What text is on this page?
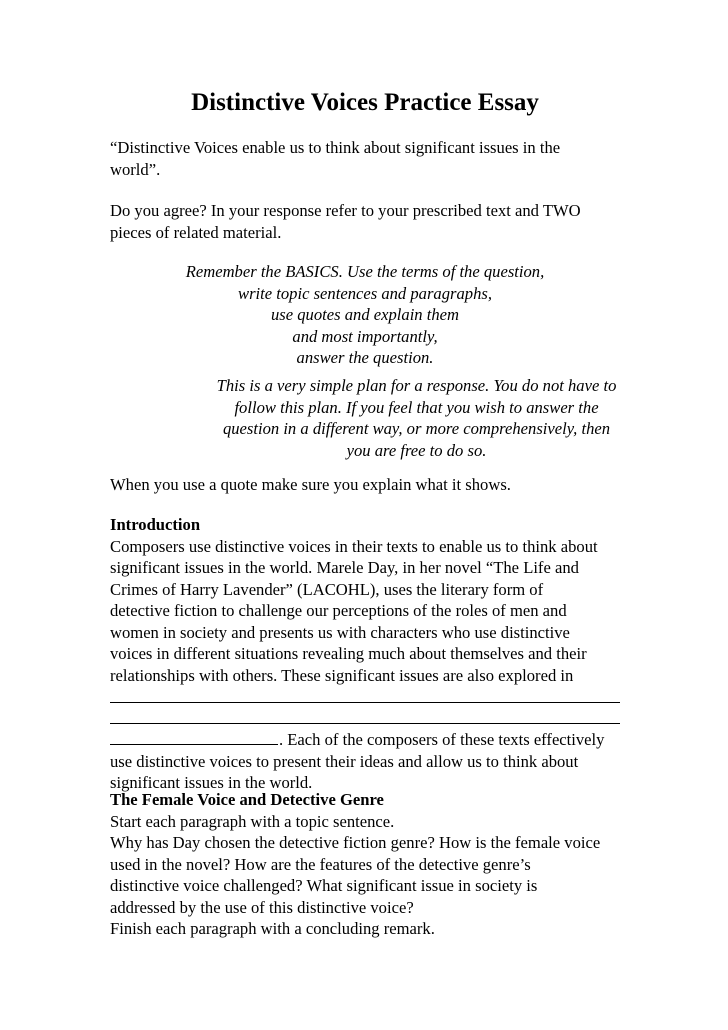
Distinctive Voices Practice Essay
“Distinctive Voices enable us to think about significant issues in the
world”.
Do you agree? In your response refer to your prescribed text and TWO
pieces of related material.
Remember the BASICS. Use the terms of the question,
write topic sentences and paragraphs,
use quotes and explain them
and most importantly,
answer the question.
This is a very simple plan for a response. You do not have to
follow this plan. If you feel that you wish to answer the
question in a different way, or more comprehensively, then
you are free to do so.
When you use a quote make sure you explain what it shows.
Introduction
Composers use distinctive voices in their texts to enable us to think about
significant issues in the world. Marele Day, in her novel “The Life and
Crimes of Harry Lavender” (LACOHL), uses the literary form of
detective fiction to challenge our perceptions of the roles of men and
women in society and presents us with characters who use distinctive
voices in different situations revealing much about themselves and their
relationships with others. These significant issues are also explored in
. Each of the composers of these texts effectively
use distinctive voices to present their ideas and allow us to think about
significant issues in the world.
The Female Voice and Detective Genre
Start each paragraph with a topic sentence.
Why has Day chosen the detective fiction genre? How is the female voice
used in the novel? How are the features of the detective genre’s
distinctive voice challenged? What significant issue in society is
addressed by the use of this distinctive voice?
Finish each paragraph with a concluding remark.
